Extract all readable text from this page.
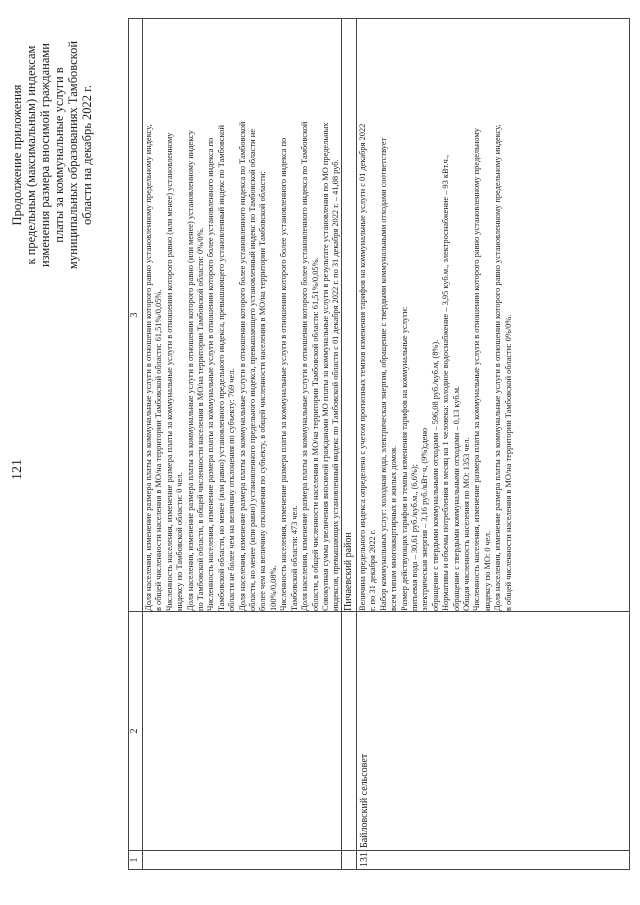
121
Продолжение приложения к предельным (максимальным) индексам изменения размера вносимой гражданами платы за коммунальные услуги в муниципальных образованиях Тамбовской области на декабрь 2022 г.
1
2
3 Доля населения, изменение размера платы за коммунальные услуги в отношении которого равно установленному предельному индексу, в общей численности населения в МО/на территории Тамбовской области: 61,51%/0,05%. Численность населения, изменение размера платы за коммунальные услуги в отношении которого равно (или менее) установленному индексу по Тамбовской области: 0 чел. Доля населения, изменение размера платы за коммунальные услуги в отношении которого равно (или менее) установленному индексу по Тамбовской области, в общей численности населения в МО/на территории Тамбовской области: 0%/0%. Численность населения, изменение размера платы за коммунальные услуги в отношении которого более установленного индекса по Тамбовской области, но менее (или равно) установленного предельного индекса, превышающего установленный индекс по Тамбовской области не более чем на величину отклонения по субъекту: 769 чел. Доля населения, изменение размера платы за коммунальные услуги в отношении которого более установленного индекса по Тамбовской области, но менее (или равно) установленного предельного индекса, превышающего установленный индекс по Тамбовской области не более чем на величину отклонения по субъекту, в общей численности населения в МО/на территории Тамбовской области: 100%/0,08%. Численность населения, изменение размера платы за коммунальные услуги в отношении которого более установленного индекса по Тамбовской области: 473 чел. Доля населения, изменение размера платы за коммунальные услуги в отношении которого более установленного индекса по Тамбовской области, в общей численности населения в МО/на территории Тамбовской области: 61,51%/0,05%. Совокупная сумма увеличения вносимой гражданами МО платы за коммунальные услуги в результате установления по МО предельных индексов, превышающих установленный индекс по Тамбовской области с 01 декабря 2022 г. по 31 декабря 2022 г. – 41,08 руб. Пичаевский район
131
Байловский сельсовет

Величина предельного индекса определена с учетом прогнозных темпов изменения тарифов на коммунальные услуги с 01 декабря 2022 г. по 31 декабря 2022 г. Набор коммунальных услуг: холодная вода, электрическая энергия, обращение с твердыми коммунальными отходами соответствует всем типам многоквартирных и жилых домов. Размер действующих тарифов и темпы изменения тарифов на коммунальные услуги: питьевая вода – 30,61 руб./куб.м., (6,6%); электрическая энергия – 3,16 руб./кВт·ч, (9%);дено обращение с твердыми коммунальными отходами – 596,08 руб./куб.м, (8%). Нормативы и объемы потребления в месяц на 1 человека: холодное водоснабжение – 3,95 куб.м., электроснабжение – 93 кВт.ч., обращение с твердыми коммунальными отходами – 0,13 куб.м. Общая численность населения по МО: 1353 чел. Численность населения, изменение размера платы за коммунальные услуги в отношении которого равно установленному предельному индексу по МО: 0 чел. Доля населения, изменение размера платы за коммунальные услуги в отношении которого равно установленному предельному индексу, в общей численности населения в МО/на территории Тамбовской области: 0%/0%.
